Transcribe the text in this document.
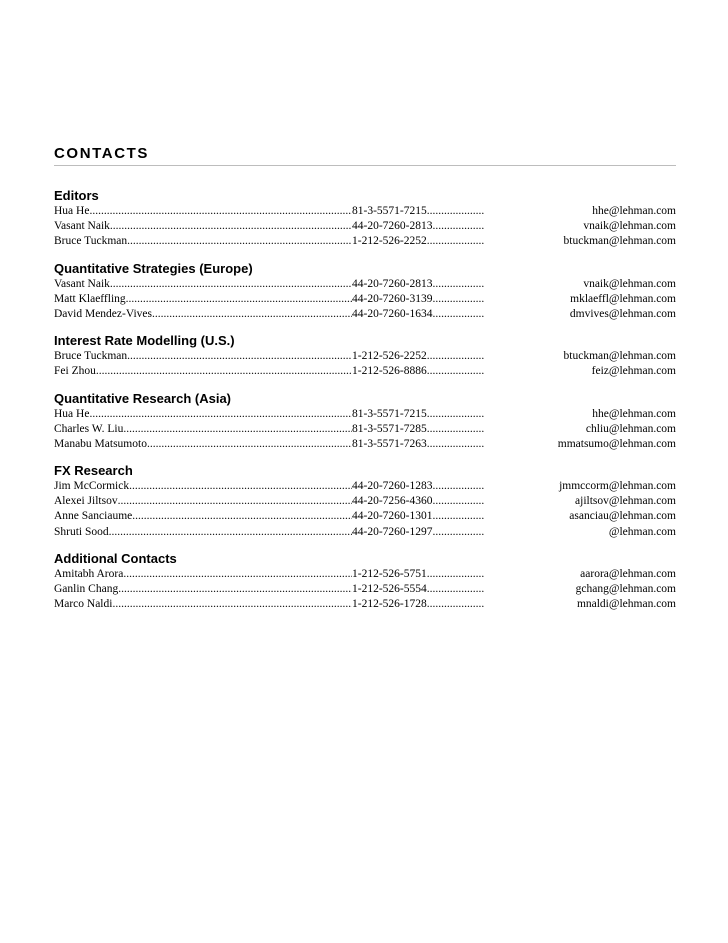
CONTACTS
Editors
Hua He .....	81-3-5571-7215 .....	hhe@lehman.com
Vasant Naik .....	44-20-7260-2813 .....	vnaik@lehman.com
Bruce Tuckman .....	1-212-526-2252 .....	btuckman@lehman.com
Quantitative Strategies (Europe)
Vasant Naik .....	44-20-7260-2813 .....	vnaik@lehman.com
Matt Klaeffling .....	44-20-7260-3139 .....	mklaeffl@lehman.com
David Mendez-Vives .....	44-20-7260-1634 .....	dmvives@lehman.com
Interest Rate Modelling (U.S.)
Bruce Tuckman .....	1-212-526-2252 .....	btuckman@lehman.com
Fei Zhou .....	1-212-526-8886 .....	feiz@lehman.com
Quantitative Research (Asia)
Hua He .....	81-3-5571-7215 .....	hhe@lehman.com
Charles W. Liu .....	81-3-5571-7285 .....	chliu@lehman.com
Manabu Matsumoto .....	81-3-5571-7263 .....	mmatsumo@lehman.com
FX Research
Jim McCormick .....	44-20-7260-1283 .....	jmmccorm@lehman.com
Alexei Jiltsov .....	44-20-7256-4360 .....	ajiltsov@lehman.com
Anne Sanciaume .....	44-20-7260-1301 .....	asanciau@lehman.com
Shruti Sood .....	44-20-7260-1297 .....	@lehman.com
Additional Contacts
Amitabh Arora .....	1-212-526-5751 .....	aarora@lehman.com
Ganlin Chang .....	1-212-526-5554 .....	gchang@lehman.com
Marco Naldi .....	1-212-526-1728 .....	mnaldi@lehman.com
